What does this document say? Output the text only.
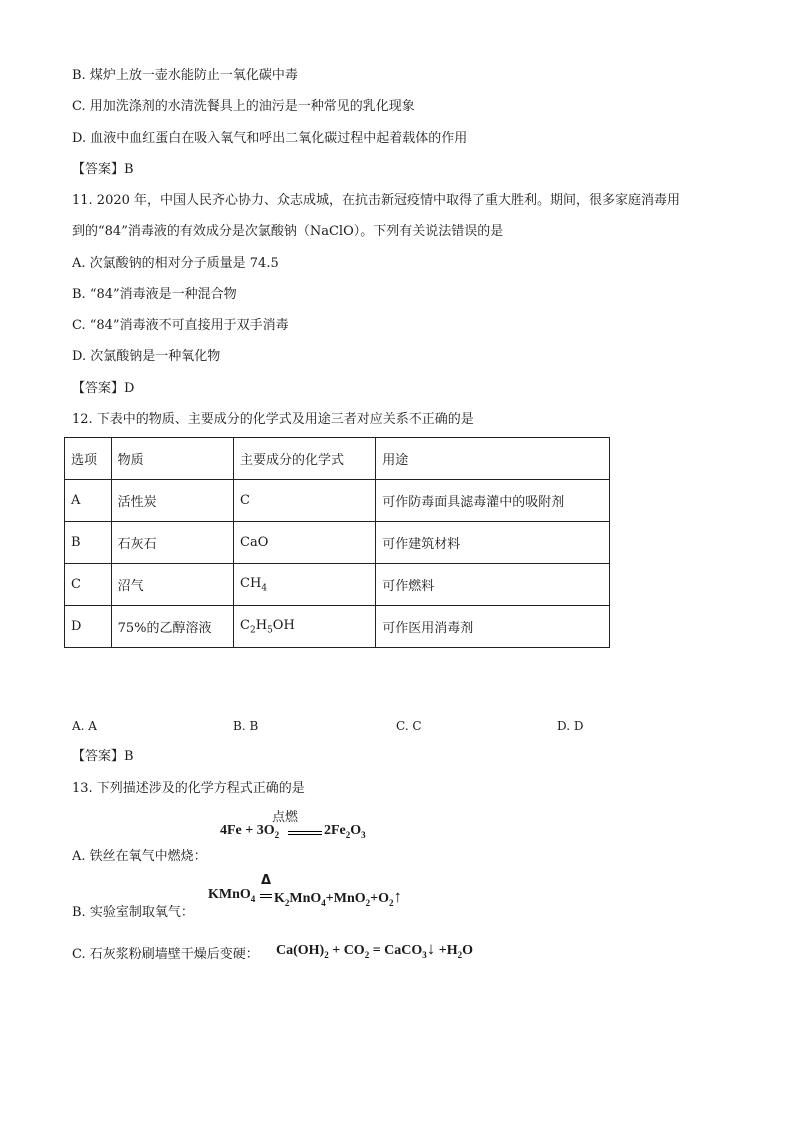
B. 煤炉上放一壶水能防止一氧化碳中毒
C. 用加洗涤剂的水清洗餐具上的油污是一种常见的乳化现象
D. 血液中血红蛋白在吸入氧气和呼出二氧化碳过程中起着载体的作用
【答案】B
11. 2020 年，中国人民齐心协力、众志成城，在抗击新冠疫情中取得了重大胜利。期间，很多家庭消毒用
到的“84”消毒液的有效成分是次氯酸钠（NaClO）。下列有关说法错误的是
A. 次氯酸钠的相对分子质量是 74.5
B. “84”消毒液是一种混合物
C. “84”消毒液不可直接用于双手消毒
D. 次氯酸钠是一种氧化物
【答案】D
12. 下表中的物质、主要成分的化学式及用途三者对应关系不正确的是
选项	物质	主要成分的化学式	用途
A	活性炭	C	可作防毒面具滤毒灌中的吸附剂
B	石灰石	CaO	可作建筑材料
C	沼气	$CH_4$	可作燃料
D	75%的乙醇溶液	$C_2H_5OH$	可作医用消毒剂
A. A	B. B	C. C	D. D
【答案】B
13. 下列描述涉及的化学方程式正确的是
点燃
$4Fe + 3O_2$	$2Fe_2O_3$
A. 铁丝在氧气中燃烧：
KMnO$_4$
Δ
$K_2MnO_4+MnO_2+O_2↑$
B. 实验室制取氧气：
C. 石灰浆粉刷墙壁干燥后变硬： $Ca(OH)_2 + CO_2$ = CaCO$_3$↓ $+H_2O$
